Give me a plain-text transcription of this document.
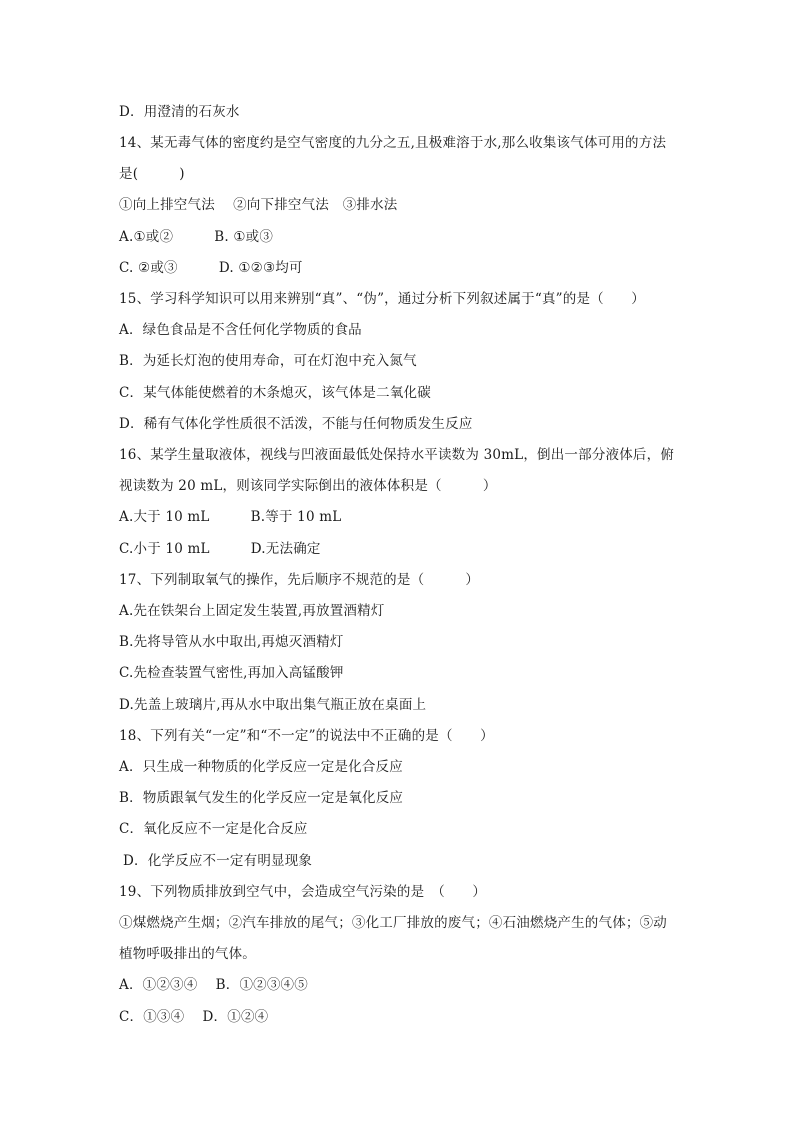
D．用澄清的石灰水
14、某无毒气体的密度约是空气密度的九分之五,且极难溶于水,那么收集该气体可用的方法
是(　　　)
①向上排空气法　 ②向下排空气法　③排水法
A.①或②　　　B. ①或③
C. ②或③　　　D. ①②③均可
15、学习科学知识可以用来辨别“真”、“伪”，通过分析下列叙述属于“真”的是（　　）
A．绿色食品是不含任何化学物质的食品
B．为延长灯泡的使用寿命，可在灯泡中充入氮气
C．某气体能使燃着的木条熄灭，该气体是二氧化碳
D．稀有气体化学性质很不活泼，不能与任何物质发生反应
16、某学生量取液体，视线与凹液面最低处保持水平读数为 30mL，倒出一部分液体后，俯
视读数为 20 mL，则该同学实际倒出的液体体积是（　　　）
A.大于 10 mL　　　B.等于 10 mL
C.小于 10 mL　　　D.无法确定
17、下列制取氧气的操作，先后顺序不规范的是（　　　）
A.先在铁架台上固定发生装置,再放置酒精灯
B.先将导管从水中取出,再熄灭酒精灯
C.先检查装置气密性,再加入高锰酸钾
D.先盖上玻璃片,再从水中取出集气瓶正放在桌面上
18、下列有关“一定”和“不一定”的说法中不正确的是（　　）
A．只生成一种物质的化学反应一定是化合反应
B．物质跟氧气发生的化学反应一定是氧化反应
C．氧化反应不一定是化合反应
D．化学反应不一定有明显现象
19、下列物质排放到空气中，会造成空气污染的是　（　　）
①煤燃烧产生烟；②汽车排放的尾气；③化工厂排放的废气；④石油燃烧产生的气体；⑤动
植物呼吸排出的气体。
A．①②③④　 B．①②③④⑤
C．①③④　 D．①②④
